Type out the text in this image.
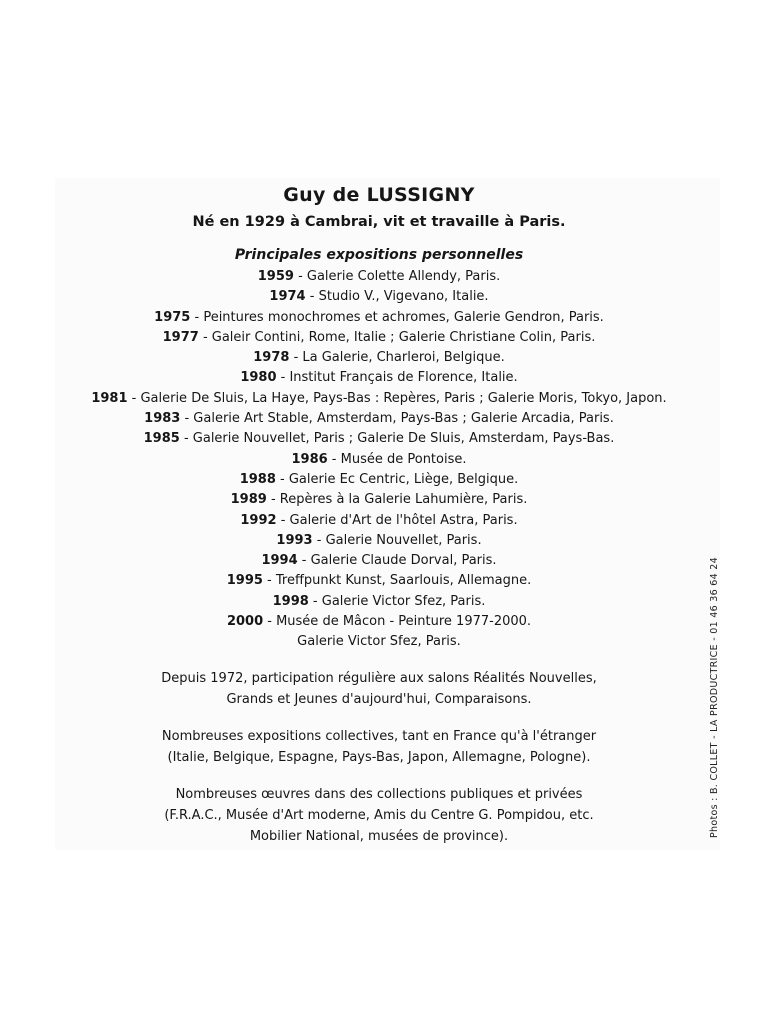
Guy de LUSSIGNY
Né en 1929 à Cambrai, vit et travaille à Paris.
Principales expositions personnelles
1959 - Galerie Colette Allendy, Paris.
1974 - Studio V., Vigevano, Italie.
1975 - Peintures monochromes et achromes, Galerie Gendron, Paris.
1977 - Galeir Contini, Rome, Italie ; Galerie Christiane Colin, Paris.
1978 - La Galerie, Charleroi, Belgique.
1980 - Institut Français de Florence, Italie.
1981 - Galerie De Sluis, La Haye, Pays-Bas : Repères, Paris ; Galerie Moris, Tokyo, Japon.
1983 - Galerie Art Stable, Amsterdam, Pays-Bas ; Galerie Arcadia, Paris.
1985 - Galerie Nouvellet, Paris ; Galerie De Sluis, Amsterdam, Pays-Bas.
1986 - Musée de Pontoise.
1988 - Galerie Ec Centric, Liège, Belgique.
1989 - Repères à la Galerie Lahumière, Paris.
1992 - Galerie d'Art de l'hôtel Astra, Paris.
1993 - Galerie Nouvellet, Paris.
1994 - Galerie Claude Dorval, Paris.
1995 - Treffpunkt Kunst, Saarlouis, Allemagne.
1998 - Galerie Victor Sfez, Paris.
2000 - Musée de Mâcon - Peinture 1977-2000.
Galerie Victor Sfez, Paris.
Depuis 1972, participation régulière aux salons Réalités Nouvelles,
Grands et Jeunes d'aujourd'hui, Comparaisons.
Nombreuses expositions collectives, tant en France qu'à l'étranger
(Italie, Belgique, Espagne, Pays-Bas, Japon, Allemagne, Pologne).
Nombreuses œuvres dans des collections publiques et privées
(F.R.A.C., Musée d'Art moderne, Amis du Centre G. Pompidou, etc.
Mobilier National, musées de province).	Photos : B. COLLET - LA PRODUCTRICE - 01 46 36 64 24
